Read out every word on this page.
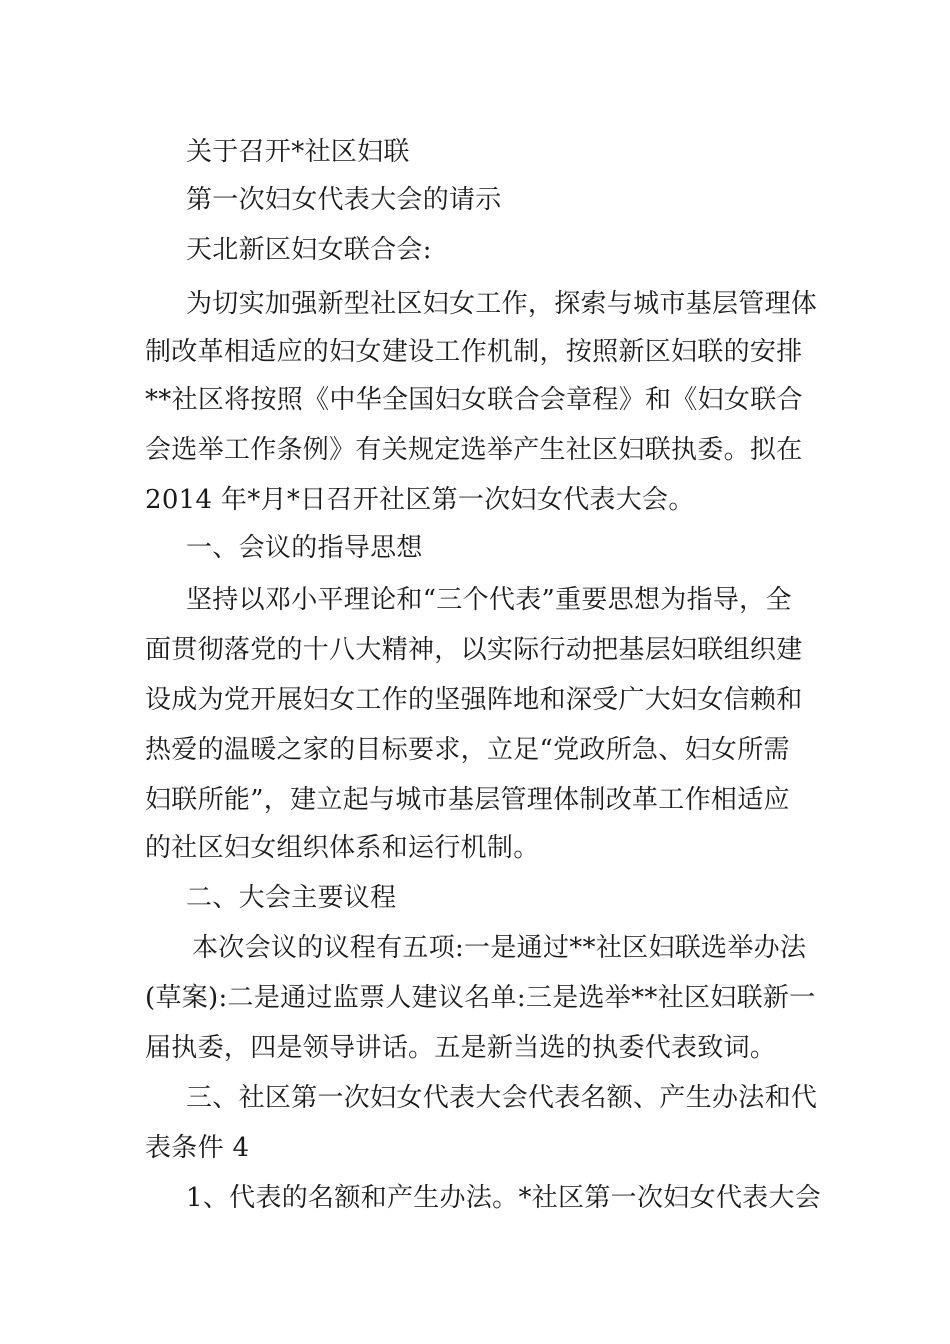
关于召开*社区妇联
第一次妇女代表大会的请示
天北新区妇女联合会:
为切实加强新型社区妇女工作，探索与城市基层管理体
制改革相适应的妇女建设工作机制，按照新区妇联的安排
**社区将按照《中华全国妇女联合会章程》和《妇女联合
会选举工作条例》有关规定选举产生社区妇联执委。拟在
2014 年*月*日召开社区第一次妇女代表大会。
一、会议的指导思想
坚持以邓小平理论和“三个代表”重要思想为指导，全
面贯彻落党的十八大精神，以实际行动把基层妇联组织建
设成为党开展妇女工作的坚强阵地和深受广大妇女信赖和
热爱的温暖之家的目标要求，立足“党政所急、妇女所需
妇联所能”，建立起与城市基层管理体制改革工作相适应
的社区妇女组织体系和运行机制。
二、大会主要议程
本次会议的议程有五项:一是通过**社区妇联选举办法
(草案):二是通过监票人建议名单:三是选举**社区妇联新一
届执委，四是领导讲话。五是新当选的执委代表致词。
三、社区第一次妇女代表大会代表名额、产生办法和代
表条件 4
1、代表的名额和产生办法。*社区第一次妇女代表大会
